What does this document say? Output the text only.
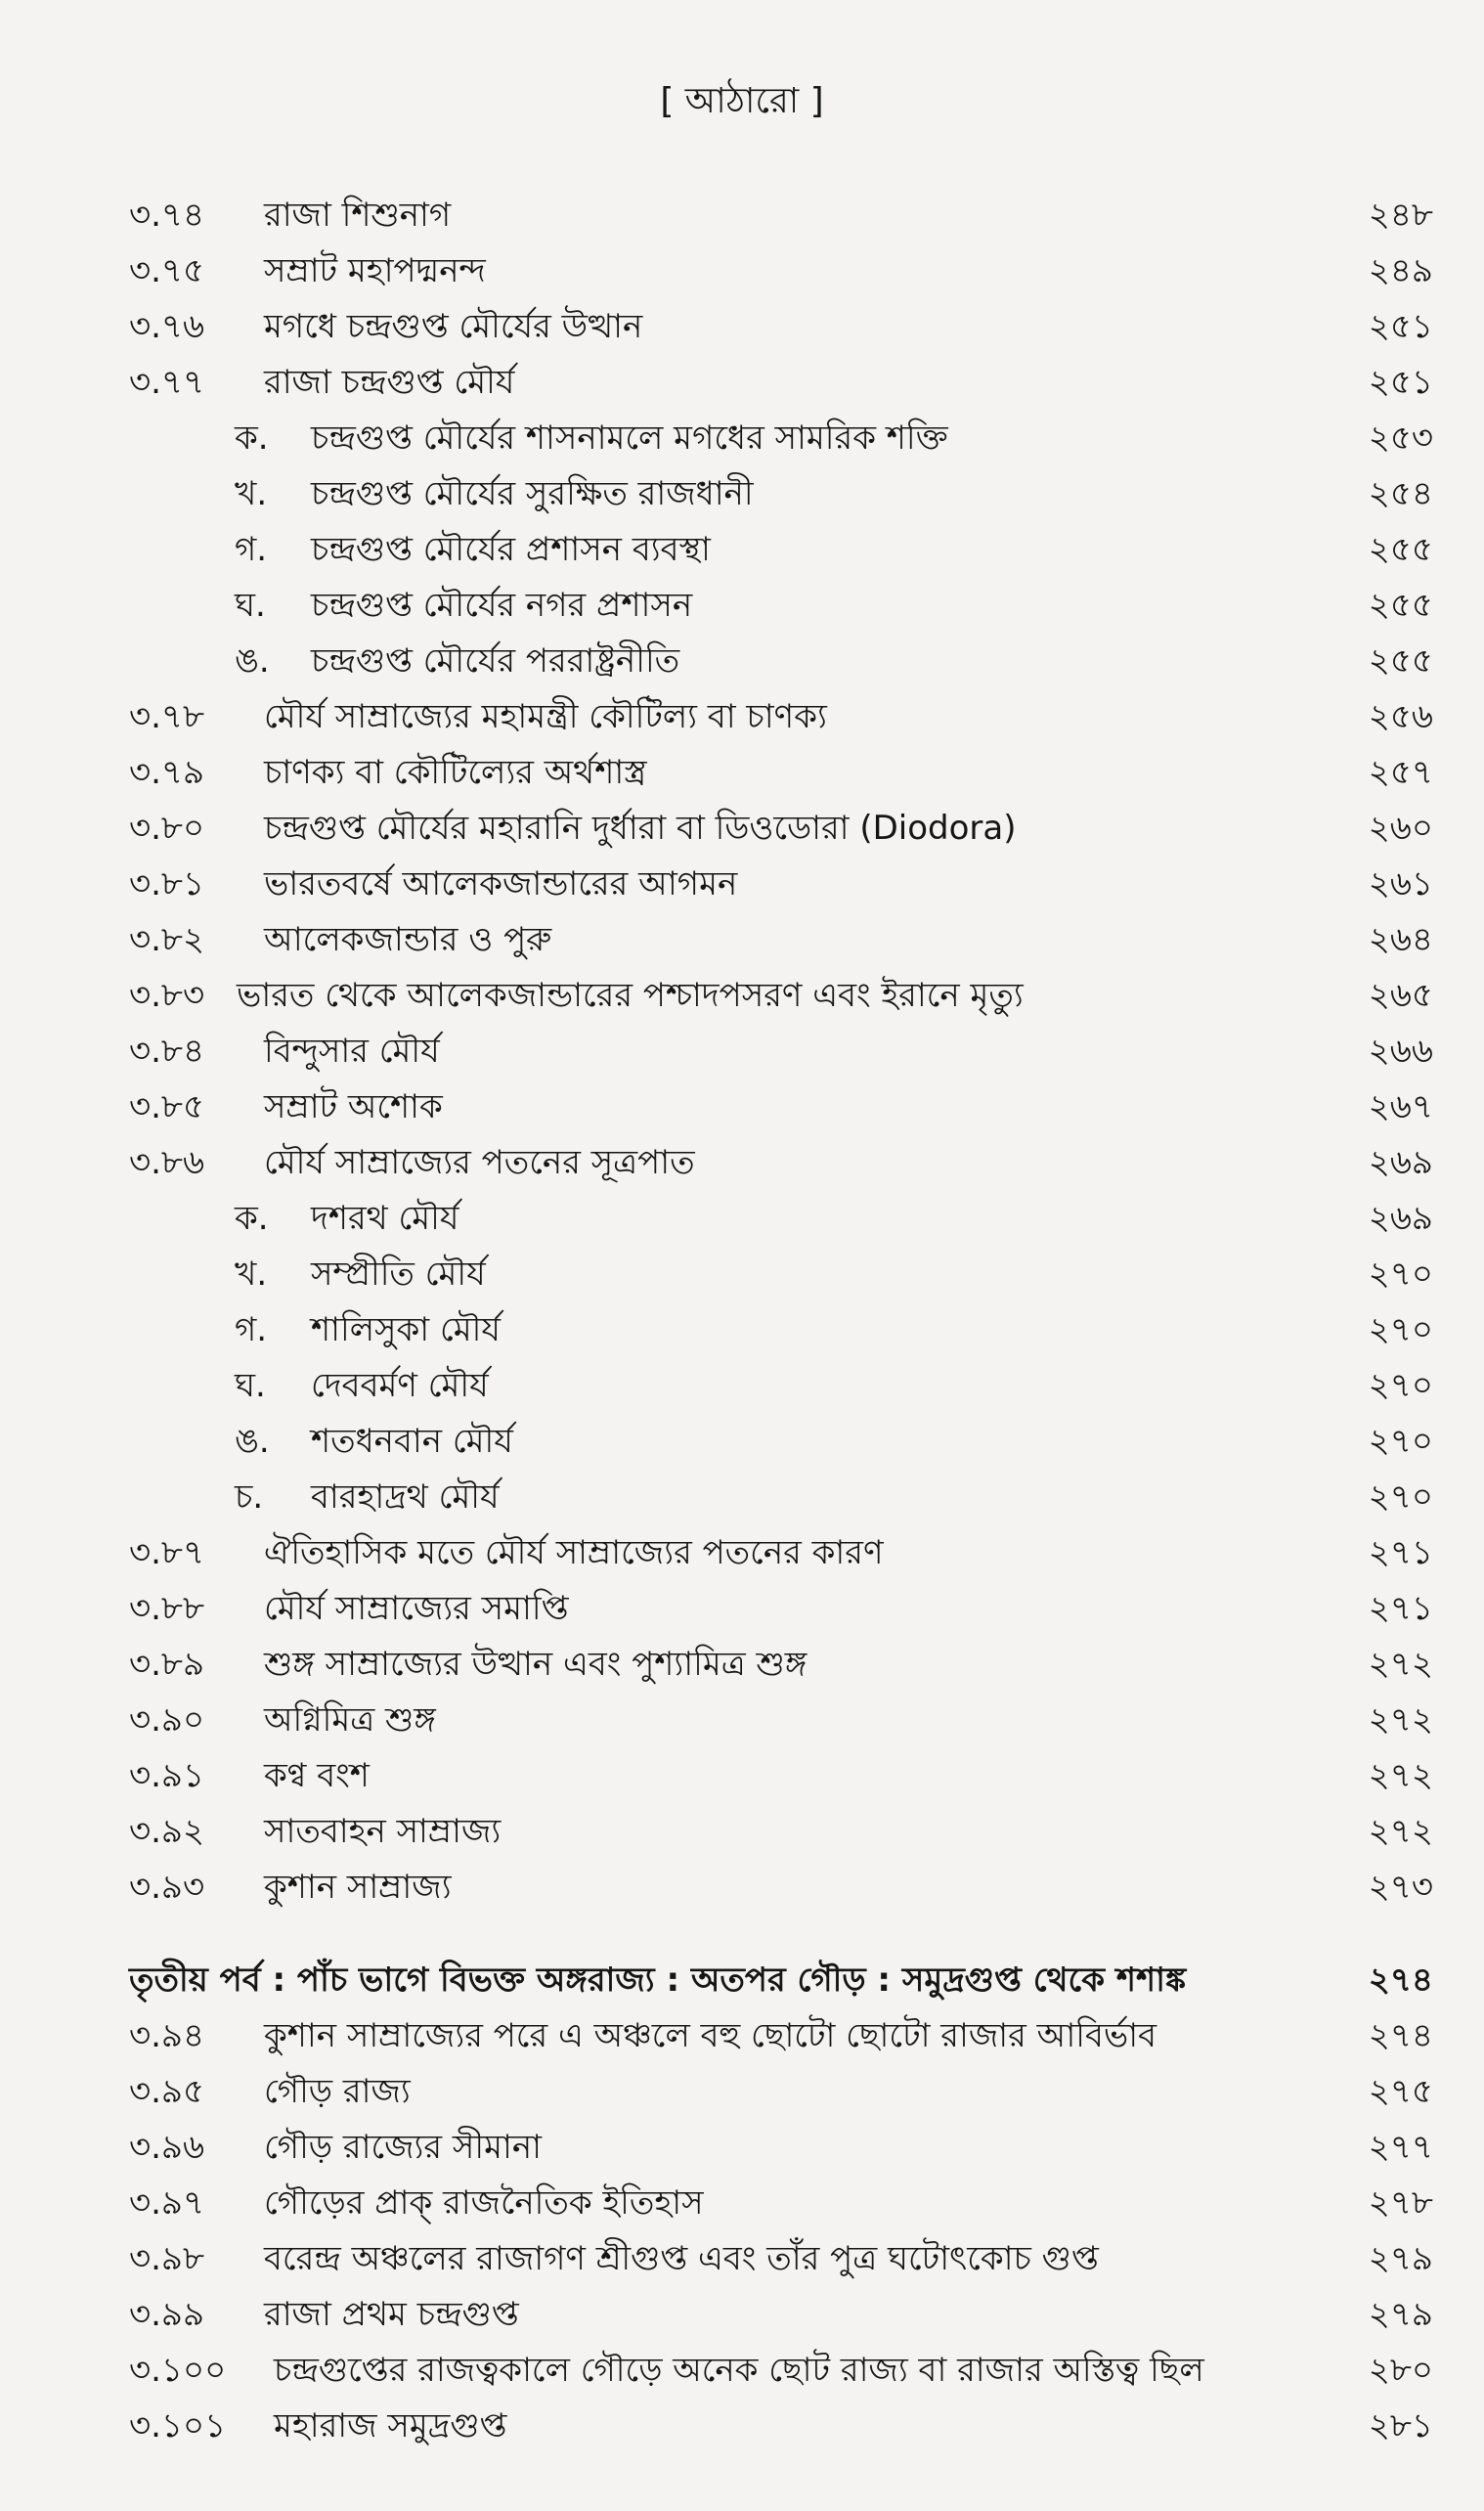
[ আঠারো ]
৩.৭৪ রাজা শিশুনাগ	২৪৮
৩.৭৫ সম্রাট মহাপদ্মনন্দ	২৪৯
৩.৭৬ মগধে চন্দ্রগুপ্ত মৌর্যের উত্থান	২৫১
৩.৭৭ রাজা চন্দ্রগুপ্ত মৌর্য	২৫১
ক. চন্দ্রগুপ্ত মৌর্যের শাসনামলে মগধের সামরিক শক্তি	২৫৩
খ. চন্দ্রগুপ্ত মৌর্যের সুরক্ষিত রাজধানী	২৫৪
গ. চন্দ্রগুপ্ত মৌর্যের প্রশাসন ব্যবস্থা	২৫৫
ঘ. চন্দ্রগুপ্ত মৌর্যের নগর প্রশাসন	২৫৫
ঙ. চন্দ্রগুপ্ত মৌর্যের পররাষ্ট্রনীতি	২৫৫
৩.৭৮ মৌর্য সাম্রাজ্যের মহামন্ত্রী কৌটিল্য বা চাণক্য	২৫৬
৩.৭৯ চাণক্য বা কৌটিল্যের অর্থশাস্ত্র	২৫৭
৩.৮০ চন্দ্রগুপ্ত মৌর্যের মহারানি দুর্ধারা বা ডিওডোরা (Diodora)	২৬০
৩.৮১ ভারতবর্ষে আলেকজান্ডারের আগমন	২৬১
৩.৮২ আলেকজান্ডার ও পুরু	২৬৪
৩.৮৩ ভারত থেকে আলেকজান্ডারের পশ্চাদপসরণ এবং ইরানে মৃত্যু	২৬৫
৩.৮৪ বিন্দুসার মৌর্য	২৬৬
৩.৮৫ সম্রাট অশোক	২৬৭
৩.৮৬ মৌর্য সাম্রাজ্যের পতনের সূত্রপাত	২৬৯
ক. দশরথ মৌর্য	২৬৯
খ. সম্প্রীতি মৌর্য	২৭০
গ. শালিসুকা মৌর্য	২৭০
ঘ. দেববর্মণ মৌর্য	২৭০
ঙ. শতধনবান মৌর্য	২৭০
চ. বারহাদ্রথ মৌর্য	২৭০
৩.৮৭ ঐতিহাসিক মতে মৌর্য সাম্রাজ্যের পতনের কারণ	২৭১
৩.৮৮ মৌর্য সাম্রাজ্যের সমাপ্তি	২৭১
৩.৮৯ শুঙ্গ সাম্রাজ্যের উত্থান এবং পুশ্যামিত্র শুঙ্গ	২৭২
৩.৯০ অগ্নিমিত্র শুঙ্গ	২৭২
৩.৯১ কণ্ব বংশ	২৭২
৩.৯২ সাতবাহন সাম্রাজ্য	২৭২
৩.৯৩ কুশান সাম্রাজ্য	২৭৩
তৃতীয় পর্ব : পাঁচ ভাগে বিভক্ত অঙ্গরাজ্য : অতপর গৌড় : সমুদ্রগুপ্ত থেকে শশাঙ্ক	২৭৪
৩.৯৪ কুশান সাম্রাজ্যের পরে এ অঞ্চলে বহু ছোটো ছোটো রাজার আবির্ভাব	২৭৪
৩.৯৫ গৌড় রাজ্য	২৭৫
৩.৯৬ গৌড় রাজ্যের সীমানা	২৭৭
৩.৯৭ গৌড়ের প্রাক্ রাজনৈতিক ইতিহাস	২৭৮
৩.৯৮ বরেন্দ্র অঞ্চলের রাজাগণ শ্রীগুপ্ত এবং তাঁর পুত্র ঘটোৎকোচ গুপ্ত	২৭৯
৩.৯৯ রাজা প্রথম চন্দ্রগুপ্ত	২৭৯
৩.১০০ চন্দ্রগুপ্তের রাজত্বকালে গৌড়ে অনেক ছোট রাজ্য বা রাজার অস্তিত্ব ছিল	২৮০
৩.১০১ মহারাজ সমুদ্রগুপ্ত	২৮১
